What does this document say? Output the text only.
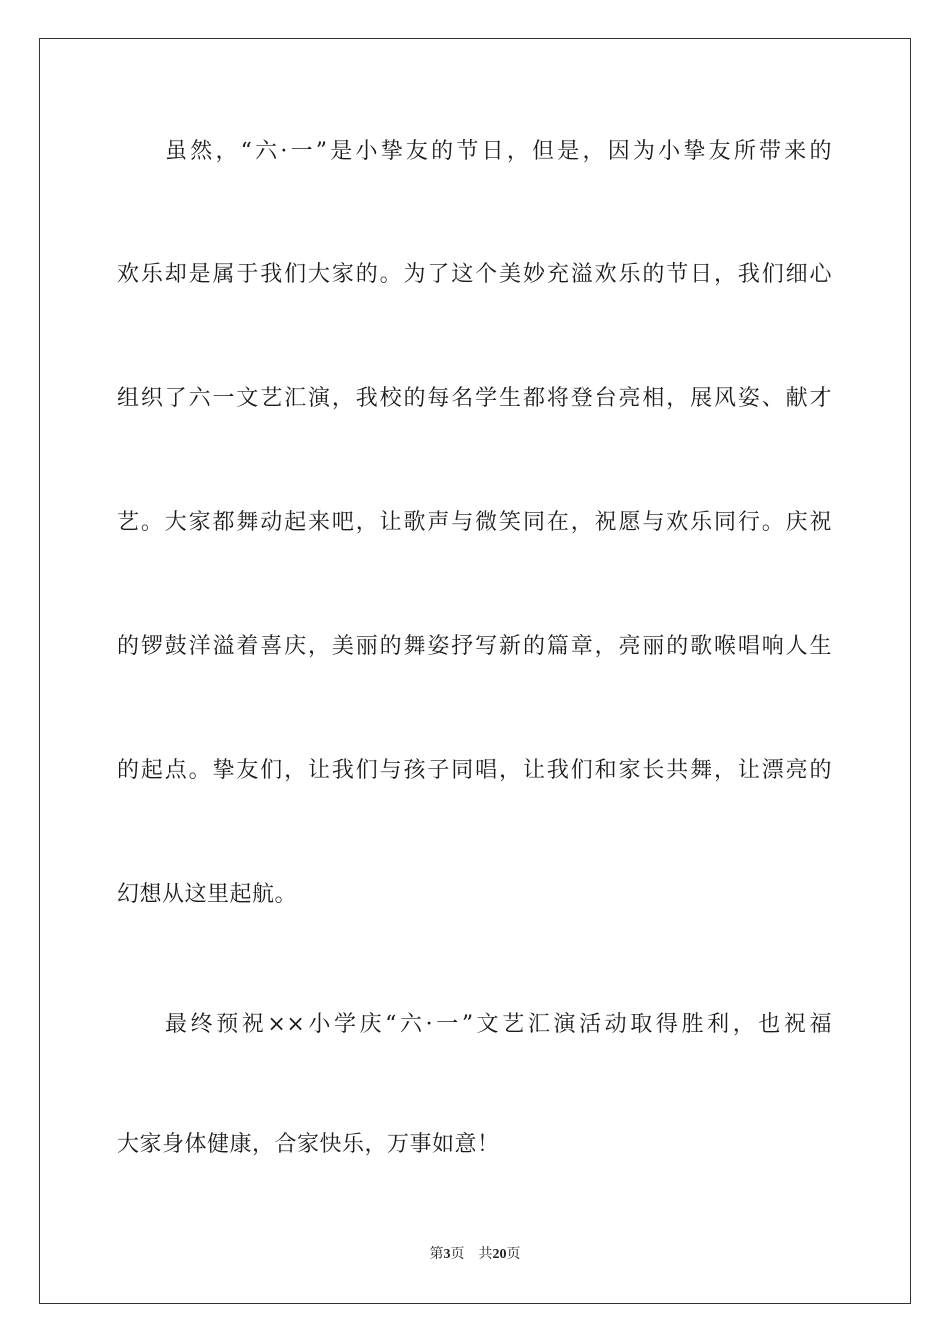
虽然，“六·一”是小挚友的节日，但是，因为小挚友所带来的
欢乐却是属于我们大家的。为了这个美妙充溢欢乐的节日，我们细心
组织了六一文艺汇演，我校的每名学生都将登台亮相，展风姿、献才
艺。大家都舞动起来吧，让歌声与微笑同在，祝愿与欢乐同行。庆祝
的锣鼓洋溢着喜庆，美丽的舞姿抒写新的篇章，亮丽的歌喉唱响人生
的起点。挚友们，让我们与孩子同唱，让我们和家长共舞，让漂亮的
幻想从这里起航。
最终预祝××小学庆“六·一”文艺汇演活动取得胜利，也祝福
大家身体健康，合家快乐，万事如意！
第3页 共20页
